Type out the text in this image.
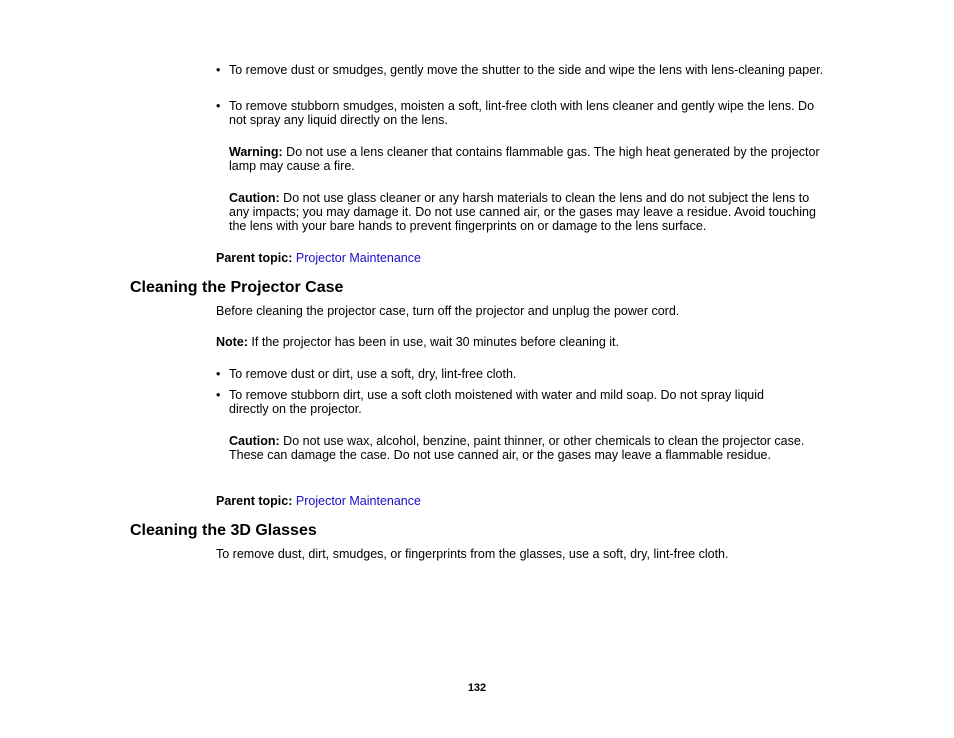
• To remove dust or smudges, gently move the shutter to the side and wipe the lens with lens-cleaning paper.
• To remove stubborn smudges, moisten a soft, lint-free cloth with lens cleaner and gently wipe the lens. Do not spray any liquid directly on the lens.
Warning: Do not use a lens cleaner that contains flammable gas. The high heat generated by the projector lamp may cause a fire.
Caution: Do not use glass cleaner or any harsh materials to clean the lens and do not subject the lens to any impacts; you may damage it. Do not use canned air, or the gases may leave a residue. Avoid touching the lens with your bare hands to prevent fingerprints on or damage to the lens surface.
Parent topic: Projector Maintenance
Cleaning the Projector Case
Before cleaning the projector case, turn off the projector and unplug the power cord.
Note: If the projector has been in use, wait 30 minutes before cleaning it.
• To remove dust or dirt, use a soft, dry, lint-free cloth.
• To remove stubborn dirt, use a soft cloth moistened with water and mild soap. Do not spray liquid directly on the projector.
Caution: Do not use wax, alcohol, benzine, paint thinner, or other chemicals to clean the projector case. These can damage the case. Do not use canned air, or the gases may leave a flammable residue.
Parent topic: Projector Maintenance
Cleaning the 3D Glasses
To remove dust, dirt, smudges, or fingerprints from the glasses, use a soft, dry, lint-free cloth.
132
